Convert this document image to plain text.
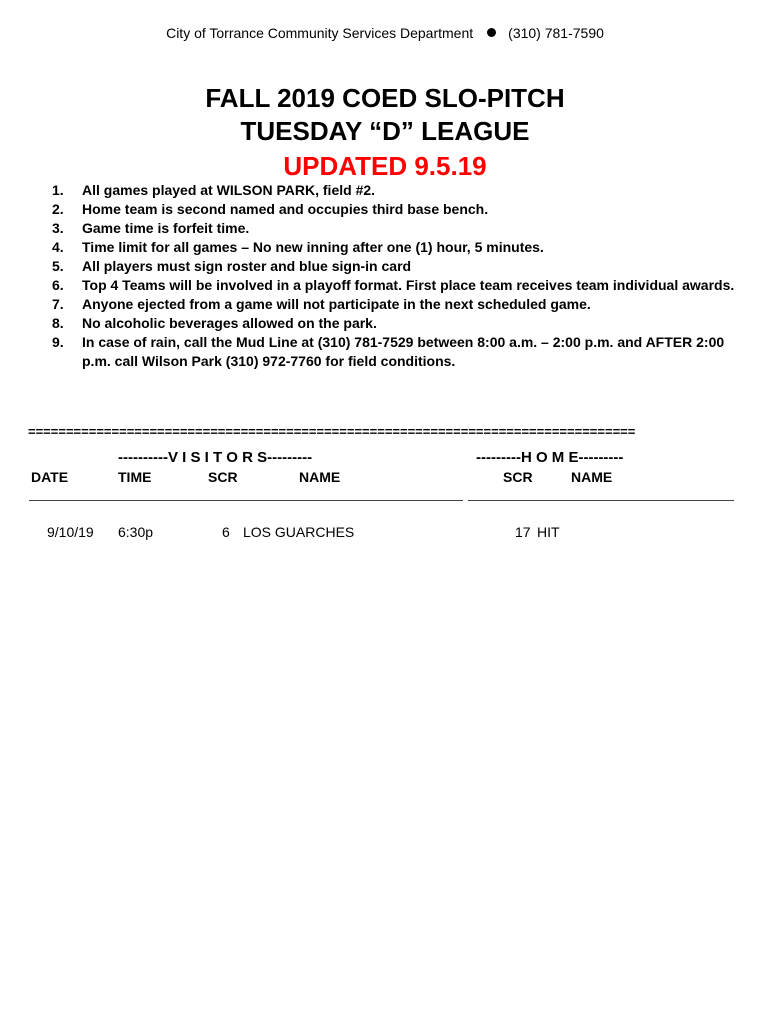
City of Torrance Community Services Department	(310) 781-7590
FALL 2019 COED SLO-PITCH
TUESDAY “D” LEAGUE
UPDATED 9.5.19
1. All games played at WILSON PARK, field #2.
2. Home team is second named and occupies third base bench.
3. Game time is forfeit time.
4. Time limit for all games – No new inning after one (1) hour, 5 minutes.
5. All players must sign roster and blue sign-in card
6. Top 4 Teams will be involved in a playoff format. First place team receives team individual awards.
7. Anyone ejected from a game will not participate in the next scheduled game.
8. No alcoholic beverages allowed on the park.
9. In case of rain, call the Mud Line at (310) 781-7529 between 8:00 a.m. – 2:00 p.m. and AFTER 2:00 p.m. call Wilson Park (310) 972-7760 for field conditions.
================================================================================
----------V I S I T O R S---------	---------H O M E---------
DATE	TIME	SCR	NAME	SCR	NAME
9/10/19 6:30p	6 LOS GUARCHES	17 HIT
